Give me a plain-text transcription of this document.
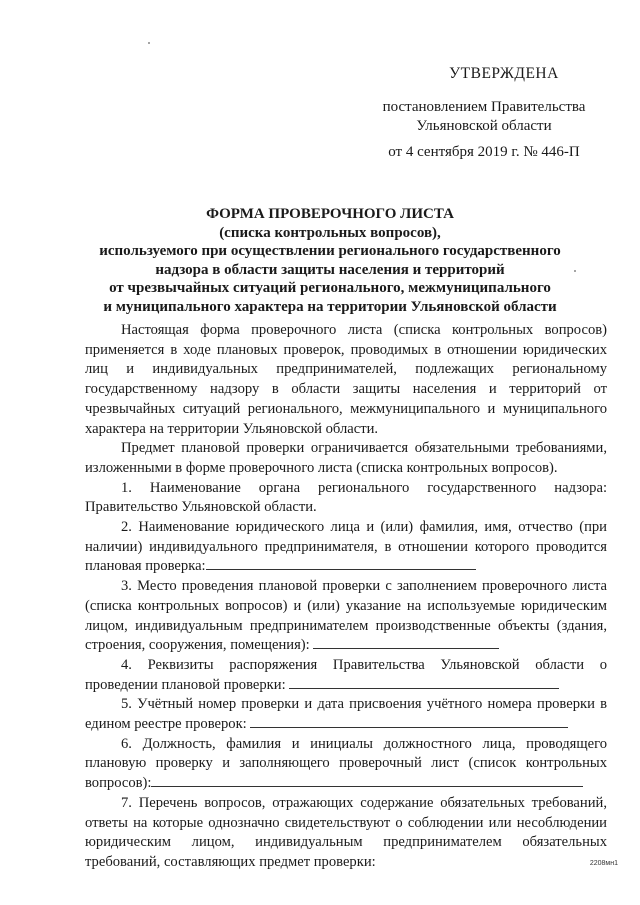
УТВЕРЖДЕНА
постановлением Правительства
Ульяновской области
от 4 сентября 2019 г. № 446-П
ФОРМА ПРОВЕРОЧНОГО ЛИСТА
(списка контрольных вопросов),
используемого при осуществлении регионального государственного
надзора в области защиты населения и территорий
от чрезвычайных ситуаций регионального, межмуниципального
и муниципального характера на территории Ульяновской области

Настоящая форма проверочного листа (списка контрольных вопросов) применяется в ходе плановых проверок, проводимых в отношении юридических лиц и индивидуальных предпринимателей, подлежащих региональному государственному надзору в области защиты населения и территорий от чрезвычайных ситуаций регионального, межмуниципального и муниципального характера на территории Ульяновской области.

Предмет плановой проверки ограничивается обязательными требованиями, изложенными в форме проверочного листа (списка контрольных вопросов).

1. Наименование органа регионального государственного надзора: Правительство Ульяновской области.

2. Наименование юридического лица и (или) фамилия, имя, отчество (при наличии) индивидуального предпринимателя, в отношении которого проводится плановая проверка:

3. Место проведения плановой проверки с заполнением проверочного листа (списка контрольных вопросов) и (или) указание на используемые юридическим лицом, индивидуальным предпринимателем производственные объекты (здания, строения, сооружения, помещения):

4. Реквизиты распоряжения Правительства Ульяновской области о проведении плановой проверки:

5. Учётный номер проверки и дата присвоения учётного номера проверки в едином реестре проверок:

6. Должность, фамилия и инициалы должностного лица, проводящего плановую проверку и заполняющего проверочный лист (список контрольных вопросов):

7. Перечень вопросов, отражающих содержание обязательных требований, ответы на которые однозначно свидетельствуют о соблюдении или несоблюдении юридическим лицом, индивидуальным предпринимателем обязательных требований, составляющих предмет проверки:	2208мн1
